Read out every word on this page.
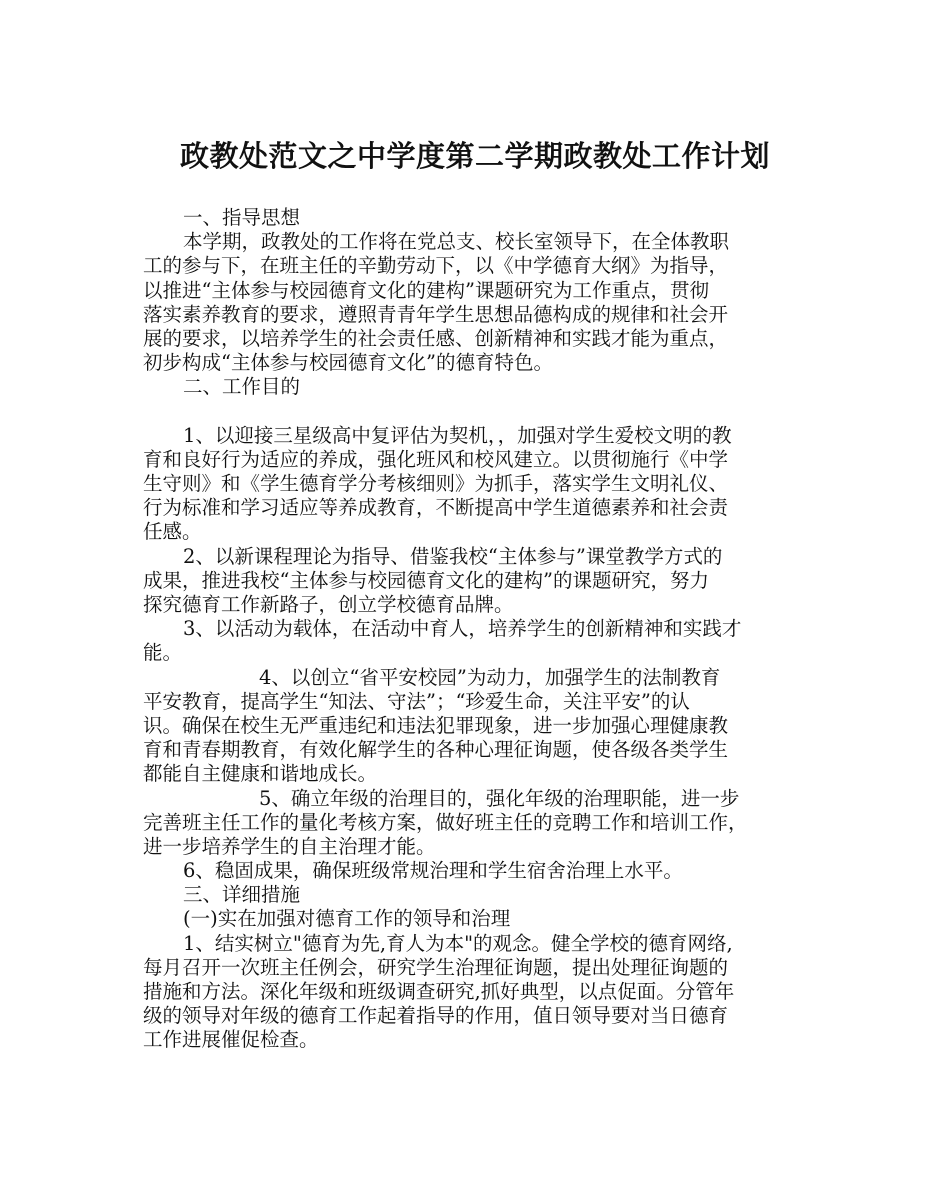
政教处范文之中学度第二学期政教处工作计划
一、指导思想
本学期，政教处的工作将在党总支、校长室领导下，在全体教职
工的参与下，在班主任的辛勤劳动下，以《中学德育大纲》为指导，
以推进“主体参与校园德育文化的建构”课题研究为工作重点，贯彻
落实素养教育的要求，遵照青青年学生思想品德构成的规律和社会开
展的要求，以培养学生的社会责任感、创新精神和实践才能为重点，
初步构成“主体参与校园德育文化”的德育特色。
二、工作目的
1、以迎接三星级高中复评估为契机，，加强对学生爱校文明的教
育和良好行为适应的养成，强化班风和校风建立。以贯彻施行《中学
生守则》和《学生德育学分考核细则》为抓手，落实学生文明礼仪、
行为标准和学习适应等养成教育，不断提高中学生道德素养和社会责
任感。
2、以新课程理论为指导、借鉴我校“主体参与”课堂教学方式的
成果，推进我校“主体参与校园德育文化的建构”的课题研究，努力
探究德育工作新路子，创立学校德育品牌。
3、以活动为载体，在活动中育人，培养学生的创新精神和实践才
能。
4、以创立“省平安校园”为动力，加强学生的法制教育
平安教育，提高学生“知法、守法”；“珍爱生命，关注平安”的认
识。确保在校生无严重违纪和违法犯罪现象，进一步加强心理健康教
育和青春期教育，有效化解学生的各种心理征询题，使各级各类学生
都能自主健康和谐地成长。
5、确立年级的治理目的，强化年级的治理职能，进一步
完善班主任工作的量化考核方案，做好班主任的竞聘工作和培训工作，
进一步培养学生的自主治理才能。
6、稳固成果，确保班级常规治理和学生宿舍治理上水平。
三、详细措施
(一)实在加强对德育工作的领导和治理
1、结实树立"德育为先,育人为本"的观念。健全学校的德育网络,
每月召开一次班主任例会，研究学生治理征询题，提出处理征询题的
措施和方法。深化年级和班级调查研究,抓好典型，以点促面。分管年
级的领导对年级的德育工作起着指导的作用，值日领导要对当日德育
工作进展催促检查。
